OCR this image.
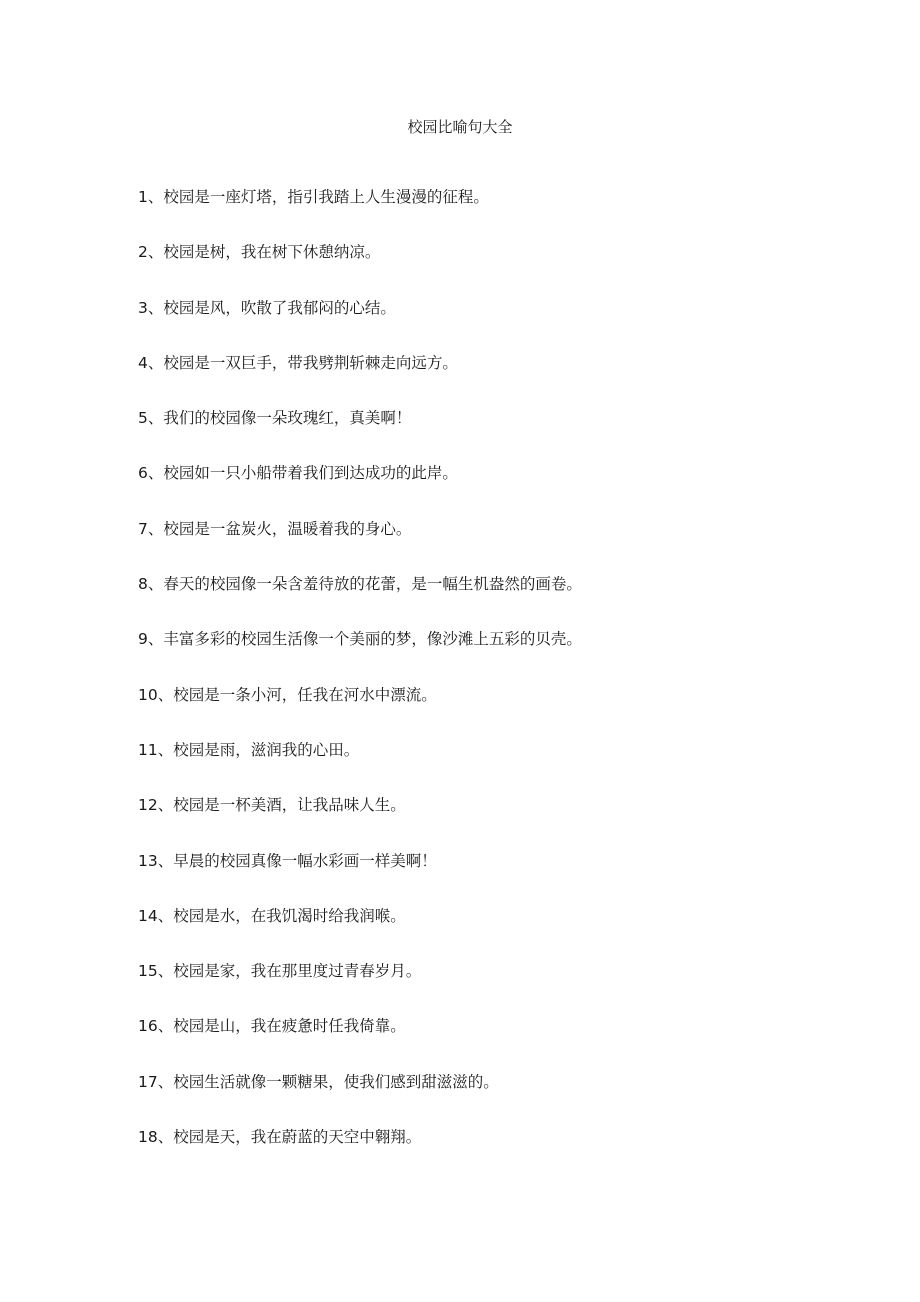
校园比喻句大全
1、校园是一座灯塔，指引我踏上人生漫漫的征程。
2、校园是树，我在树下休憩纳凉。
3、校园是风，吹散了我郁闷的心结。
4、校园是一双巨手，带我劈荆斩棘走向远方。
5、我们的校园像一朵玫瑰红，真美啊！
6、校园如一只小船带着我们到达成功的此岸。
7、校园是一盆炭火，温暖着我的身心。
8、春天的校园像一朵含羞待放的花蕾，是一幅生机盎然的画卷。
9、丰富多彩的校园生活像一个美丽的梦，像沙滩上五彩的贝壳。
10、校园是一条小河，任我在河水中漂流。
11、校园是雨，滋润我的心田。
12、校园是一杯美酒，让我品味人生。
13、早晨的校园真像一幅水彩画一样美啊！
14、校园是水，在我饥渴时给我润喉。
15、校园是家，我在那里度过青春岁月。
16、校园是山，我在疲惫时任我倚靠。
17、校园生活就像一颗糖果，使我们感到甜滋滋的。
18、校园是天，我在蔚蓝的天空中翱翔。
